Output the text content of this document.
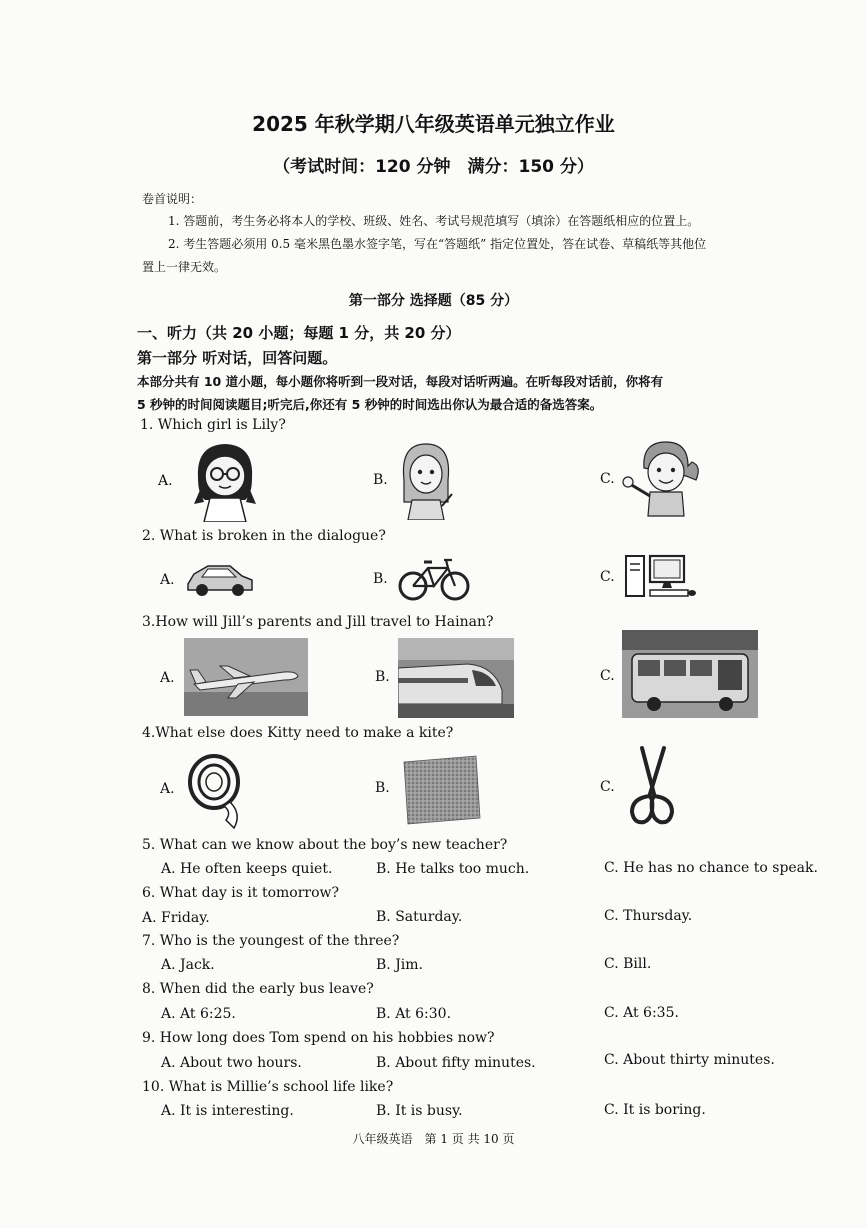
2025 年秋学期八年级英语单元独立作业
（考试时间：120 分钟　满分：150 分）
卷首说明：
1. 答题前，考生务必将本人的学校、班级、姓名、考试号规范填写（填涂）在答题纸相应的位置上。
2. 考生答题必须用 0.5 毫米黑色墨水签字笔，写在“答题纸” 指定位置处，答在试卷、草稿纸等其他位
置上一律无效。
第一部分 选择题（85 分）
一、听力（共 20 小题；每题 1 分，共 20 分）
第一部分 听对话，回答问题。
本部分共有 10 道小题，每小题你将听到一段对话，每段对话听两遍。在听每段对话前，你将有
5 秒钟的时间阅读题目;听完后,你还有 5 秒钟的时间选出你认为最合适的备选答案。
1. Which girl is Lily?
A.	B.	C.
2. What is broken in the dialogue?
A.	B.	C.
3.How will Jill’s parents and Jill travel to Hainan?
A.	B.	C.
4.What else does Kitty need to make a kite?
A.	B.	C.
5. What can we know about the boy’s new teacher?
A. He often keeps quiet.	B. He talks too much.	C. He has no chance to speak.
6. What day is it tomorrow?
A. Friday.	B. Saturday.	C. Thursday.
7. Who is the youngest of the three?
A. Jack.	B. Jim.	C. Bill.
8. When did the early bus leave?
A. At 6:25.	B. At 6:30.	C. At 6:35.
9. How long does Tom spend on his hobbies now?
A. About two hours.	B. About fifty minutes.	C. About thirty minutes.
10. What is Millie’s school life like?
A. It is interesting.	B. It is busy.	C. It is boring.
八年级英语　第 1 页 共 10 页
